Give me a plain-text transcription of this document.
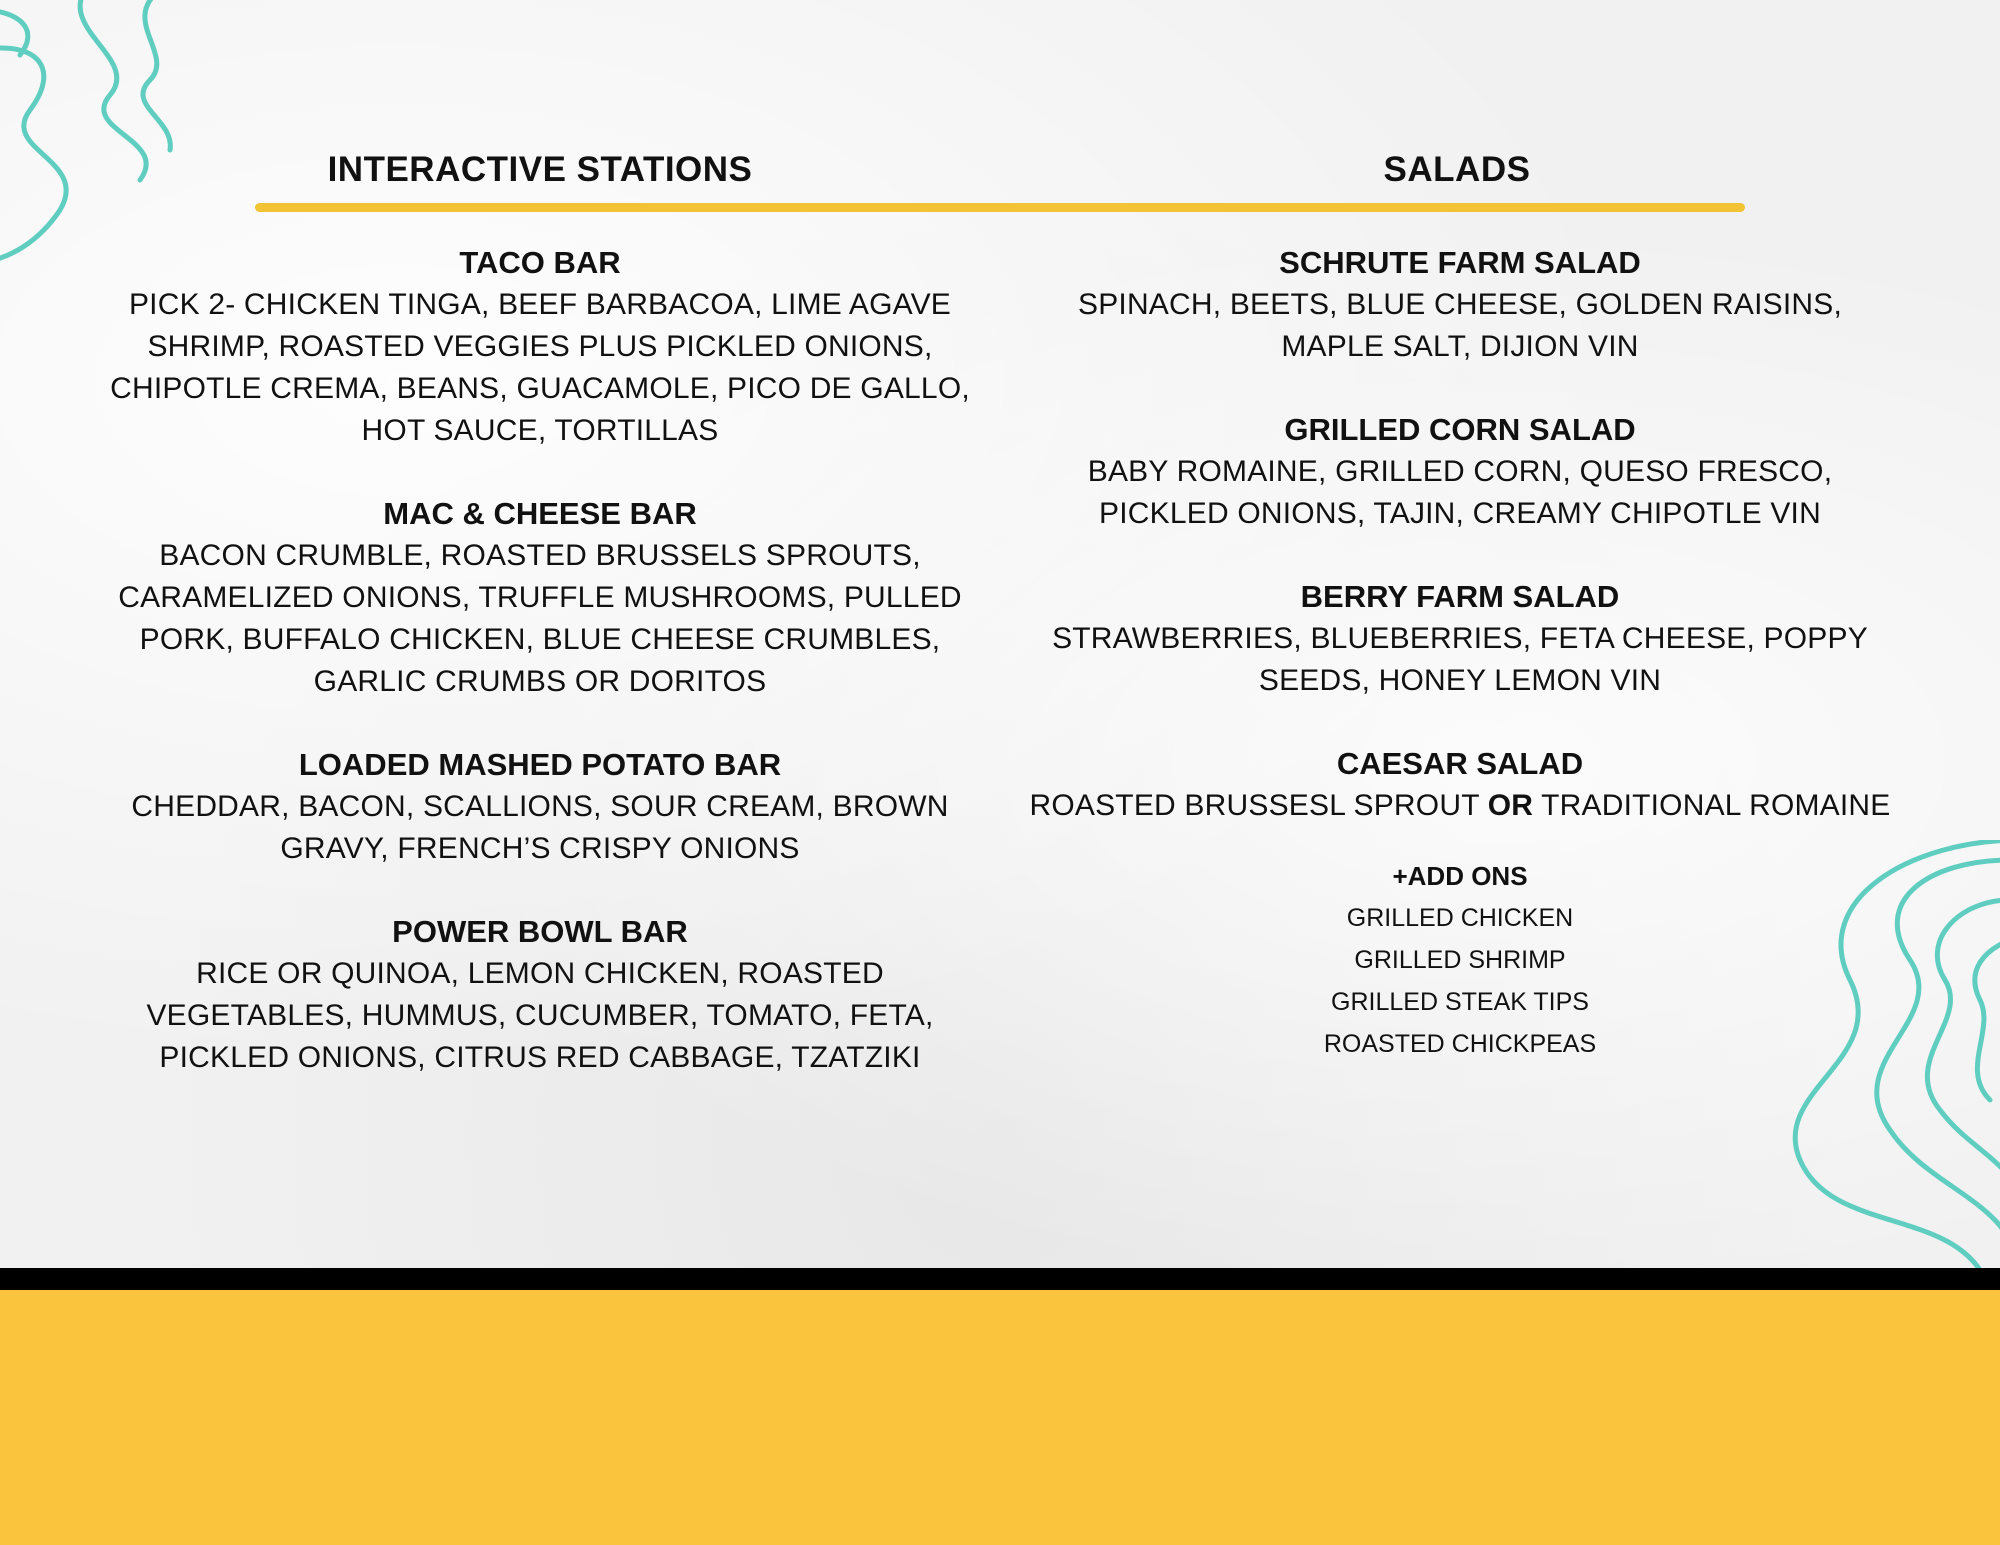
INTERACTIVE STATIONS	SALADS

TACO BAR

PICK 2- CHICKEN TINGA, BEEF BARBACOA, LIME AGAVE

SHRIMP, ROASTED VEGGIES PLUS PICKLED ONIONS,

CHIPOTLE CREMA, BEANS, GUACAMOLE, PICO DE GALLO,

HOT SAUCE, TORTILLAS

MAC & CHEESE BAR

BACON CRUMBLE, ROASTED BRUSSELS SPROUTS,

CARAMELIZED ONIONS, TRUFFLE MUSHROOMS, PULLED

PORK, BUFFALO CHICKEN, BLUE CHEESE CRUMBLES,

GARLIC CRUMBS OR DORITOS

LOADED MASHED POTATO BAR

CHEDDAR, BACON, SCALLIONS, SOUR CREAM, BROWN

GRAVY, FRENCH’S CRISPY ONIONS

POWER BOWL BAR

RICE OR QUINOA, LEMON CHICKEN, ROASTED

VEGETABLES, HUMMUS, CUCUMBER, TOMATO, FETA,

PICKLED ONIONS, CITRUS RED CABBAGE, TZATZIKI

SCHRUTE FARM SALAD

SPINACH, BEETS, BLUE CHEESE, GOLDEN RAISINS,

MAPLE SALT, DIJION VIN

GRILLED CORN SALAD

BABY ROMAINE, GRILLED CORN, QUESO FRESCO,

PICKLED ONIONS, TAJIN, CREAMY CHIPOTLE VIN

BERRY FARM SALAD

STRAWBERRIES, BLUEBERRIES, FETA CHEESE, POPPY

SEEDS, HONEY LEMON VIN

CAESAR SALAD

ROASTED BRUSSESL SPROUT OR TRADITIONAL ROMAINE

+ADD ONS

GRILLED CHICKEN

GRILLED SHRIMP

GRILLED STEAK TIPS

ROASTED CHICKPEAS
